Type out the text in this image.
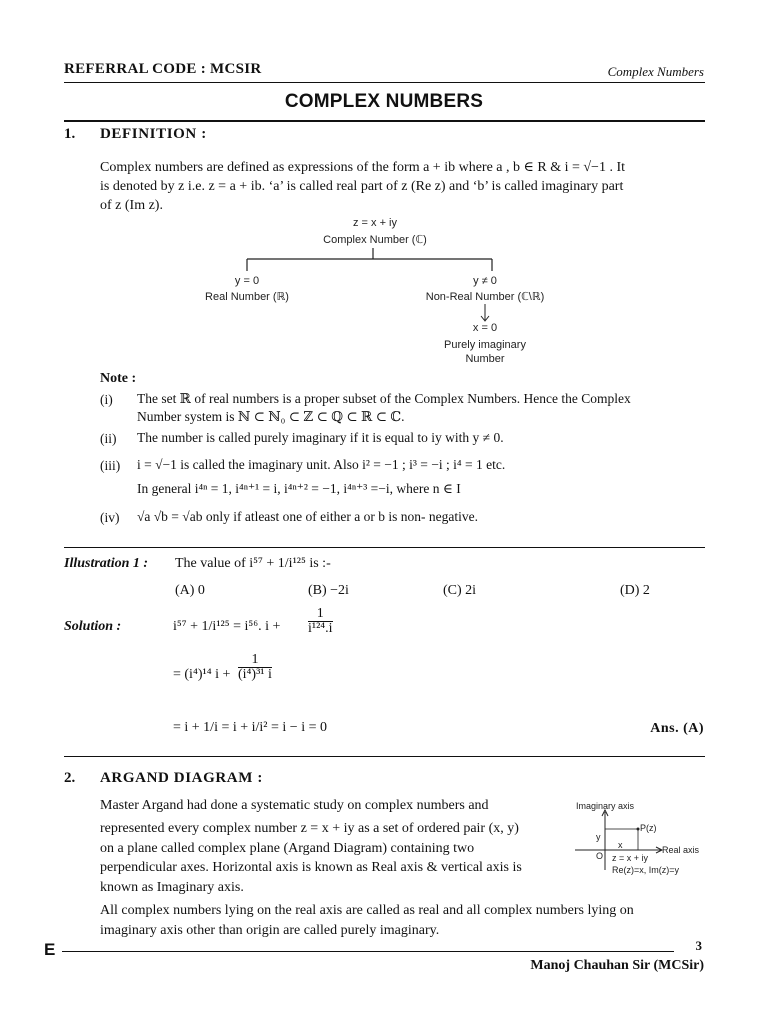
REFERRAL CODE : MCSIR	Complex Numbers
COMPLEX NUMBERS
1. DEFINITION :
Complex numbers are defined as expressions of the form a + ib where a , b ∈ R & i = √−1 . It
is denoted by z i.e. z = a + ib. ‘a’ is called real part of z (Re z) and ‘b’ is called imaginary part
of z (Im z).
z = x + iy
Complex Number (ℂ)
y = 0
Real Number (ℝ)
y ≠ 0
Non-Real Number (ℂ\ℝ)
x = 0
Purely imaginary
Number
Note :
(i) The set ℝ of real numbers is a proper subset of the Complex Numbers. Hence the Complex
Number system is ℕ ⊂ ℕ₀ ⊂ ℤ ⊂ ℚ ⊂ ℝ ⊂ ℂ.
(ii) The number is called purely imaginary if it is equal to iy with y ≠ 0.
(iii) i = √−1 is called the imaginary unit. Also i² = −1 ; i³ = −i ; i⁴ = 1 etc.
In general i⁴ⁿ = 1, i⁴ⁿ⁺¹ = i, i⁴ⁿ⁺² = −1, i⁴ⁿ⁺³ =−i, where n ∈ I
(iv) √a √b = √ab only if atleast one of either a or b is non- negative.
Illustration 1 : The value of i⁵⁷ + 1/i¹²⁵ is :-
(A) 0	(B) −2i	(C) 2i	(D) 2
Solution :	i⁵⁷ + 1/i¹²⁵ = i⁵⁶. $i + \frac{1}{\text{i¹²⁴.i}}$
= (i⁴)¹⁴ $i + \frac{1}{\text{(i⁴)³¹ i}}$
= i + 1/i = i + i/i² = i − i = 0	Ans. (A)
2. ARGAND DIAGRAM :
Master Argand had done a systematic study on complex numbers and
represented every complex number z = x + iy as a set of ordered pair (x, y)
on a plane called complex plane (Argand Diagram) containing two
perpendicular axes. Horizontal axis is known as Real axis & vertical axis is
known as Imaginary axis.
All complex numbers lying on the real axis are called as real and all complex numbers lying on
imaginary axis other than origin are called purely imaginary.
Imaginary axis
P(z)
Real axis
y
x
O z = x + iy
Re(z)=x, Im(z)=y
E	3
Manoj Chauhan Sir (MCSir)
